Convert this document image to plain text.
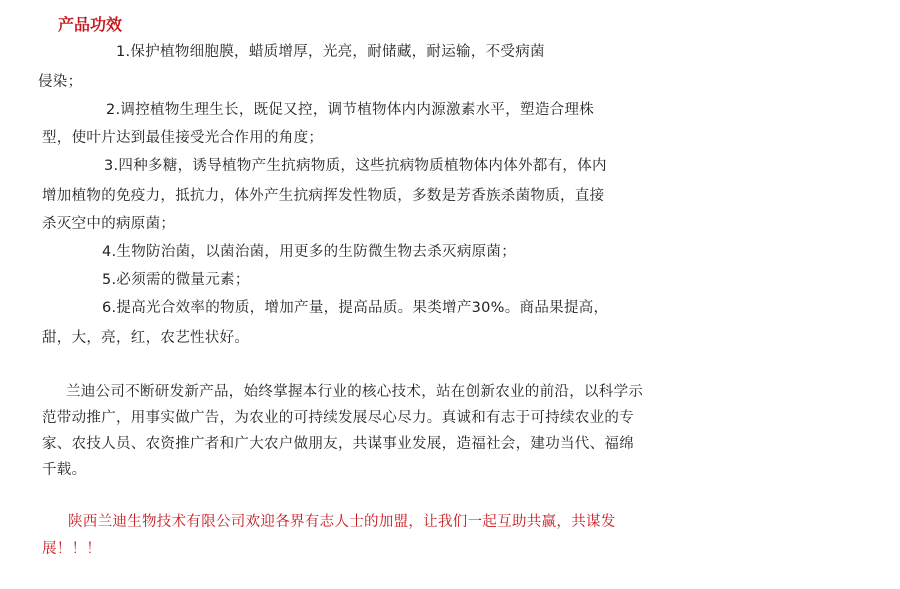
产品功效
1.保护植物细胞膜，蜡质增厚，光亮，耐储藏，耐运输，不受病菌
侵染；
2.调控植物生理生长，既促又控，调节植物体内内源激素水平，塑造合理株
型，使叶片达到最佳接受光合作用的角度；
3.四种多糖，诱导植物产生抗病物质，这些抗病物质植物体内体外都有，体内
增加植物的免疫力，抵抗力，体外产生抗病挥发性物质，多数是芳香族杀菌物质，直接
杀灭空中的病原菌；
4.生物防治菌，以菌治菌，用更多的生防微生物去杀灭病原菌；
5.必须需的微量元素；
6.提高光合效率的物质，增加产量，提高品质。果类增产30%。商品果提高，
甜，大，亮，红，农艺性状好。
兰迪公司不断研发新产品，始终掌握本行业的核心技术，站在创新农业的前沿，以科学示
范带动推广，用事实做广告，为农业的可持续发展尽心尽力。真诚和有志于可持续农业的专
家、农技人员、农资推广者和广大农户做朋友，共谋事业发展，造福社会，建功当代、福绵
千载。
陕西兰迪生物技术有限公司欢迎各界有志人士的加盟，让我们一起互助共赢，共谋发
展！！！
